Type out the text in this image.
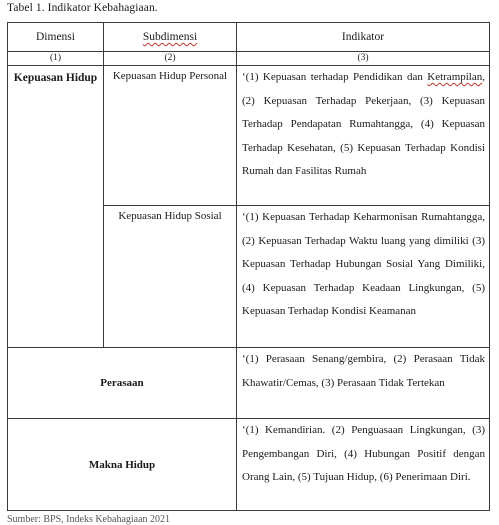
Tabel 1. Indikator Kebahagiaan.
Dimensi	Subdimensi	Indikator
(1)	(2)	(3)
Kepuasan Hidup	Kepuasan Hidup Personal	‘(1) Kepuasan terhadap Pendidikan dan Ketrampilan, (2) Kepuasan Terhadap Pekerjaan, (3) Kepuasan Terhadap Pendapatan Rumahtangga, (4) Kepuasan Terhadap Kesehatan, (5) Kepuasan Terhadap Kondisi Rumah dan Fasilitas Rumah
	Kepuasan Hidup Sosial	‘(1) Kepuasan Terhadap Keharmonisan Rumahtangga, (2) Kepuasan Terhadap Waktu luang yang dimiliki (3) Kepuasan Terhadap Hubungan Sosial Yang Dimiliki, (4) Kepuasan Terhadap Keadaan Lingkungan, (5) Kepuasan Terhadap Kondisi Keamanan
Perasaan		‘(1) Perasaan Senang/gembira, (2) Perasaan Tidak Khawatir/Cemas, (3) Perasaan Tidak Tertekan
Makna Hidup		‘(1) Kemandirian. (2) Penguasaan Lingkungan, (3) Pengembangan Diri, (4) Hubungan Positif dengan Orang Lain, (5) Tujuan Hidup, (6) Penerimaan Diri.
Sumber: BPS, Indeks Kebahagiaan 2021
